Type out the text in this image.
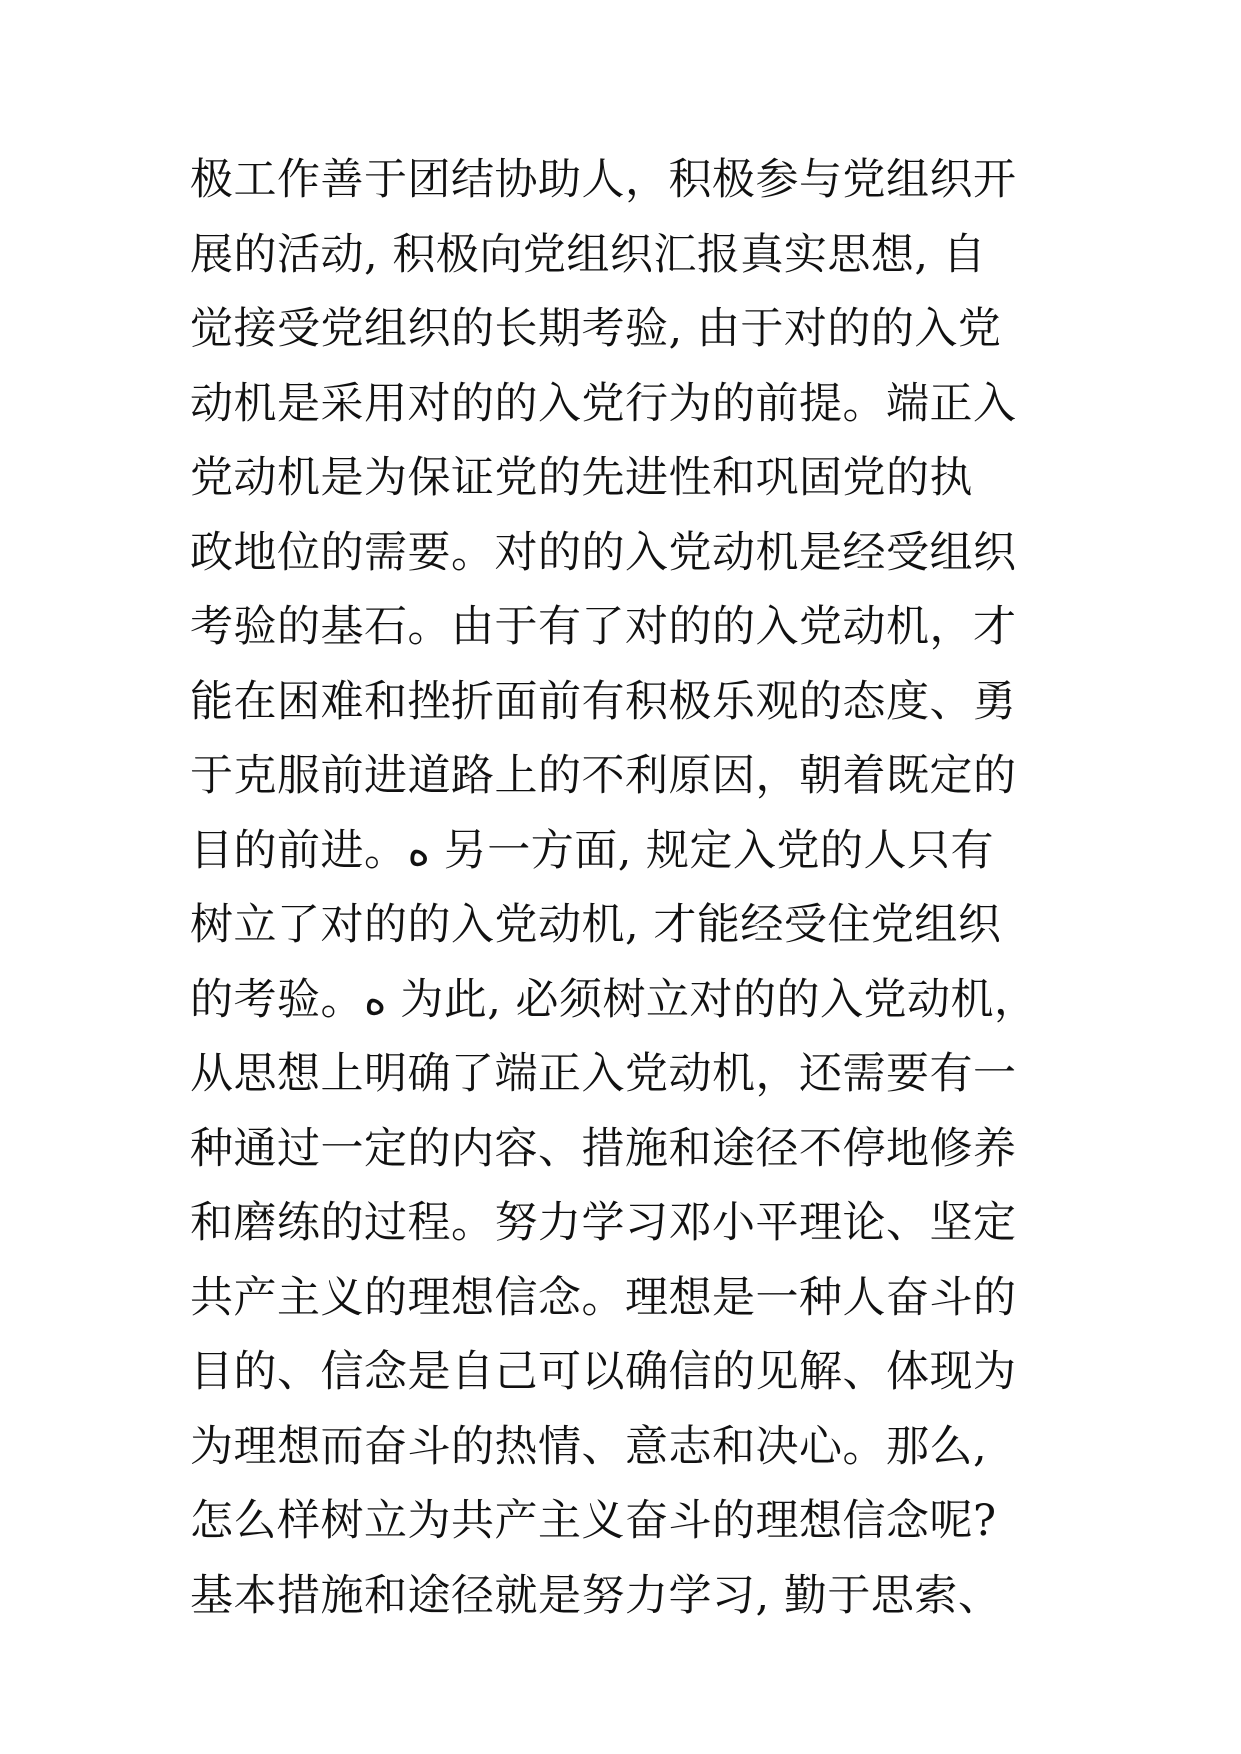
极工作善于团结协助人，积极参与党组织开
展的活动, 积极向党组织汇报真实思想, 自
觉接受党组织的长期考验, 由于对的的入党
动机是采用对的的入党行为的前提。端正入
党动机是为保证党的先进性和巩固党的执
政地位的需要。对的的入党动机是经受组织
考验的基石。由于有了对的的入党动机，才
能在困难和挫折面前有积极乐观的态度、勇
于克服前进道路上的不利原因，朝着既定的
目的前进。ه 另一方面, 规定入党的人只有
树立了对的的入党动机, 才能经受住党组织
的考验。ه 为此, 必须树立对的的入党动机，
从思想上明确了端正入党动机，还需要有一
种通过一定的内容、措施和途径不停地修养
和磨练的过程。努力学习邓小平理论、坚定
共产主义的理想信念。理想是一种人奋斗的
目的、信念是自己可以确信的见解、体现为
为理想而奋斗的热情、意志和决心。那么,
怎么样树立为共产主义奋斗的理想信念呢?
基本措施和途径就是努力学习, 勤于思索、
